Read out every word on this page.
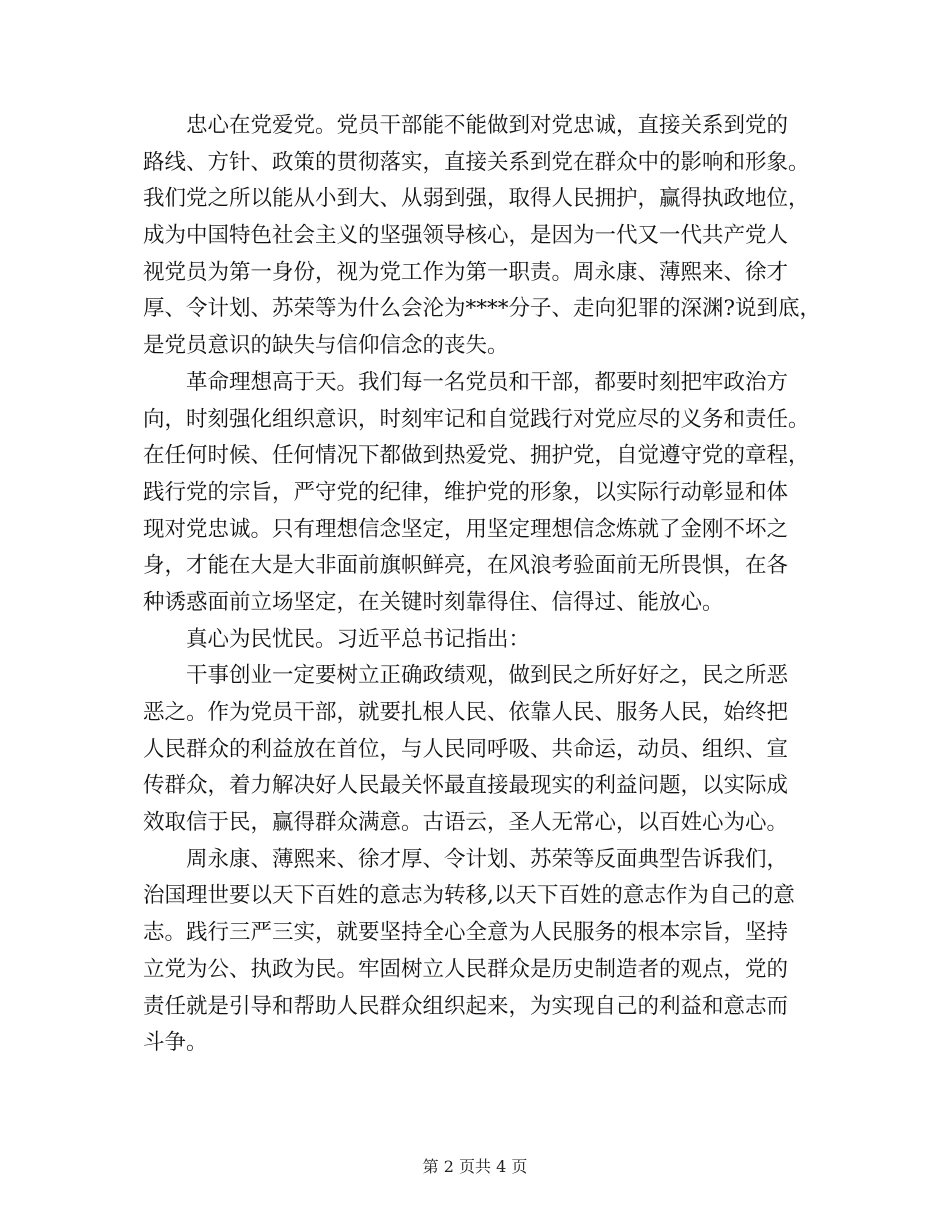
忠心在党爱党。党员干部能不能做到对党忠诚，直接关系到党的
路线、方针、政策的贯彻落实，直接关系到党在群众中的影响和形象。
我们党之所以能从小到大、从弱到强，取得人民拥护，赢得执政地位，
成为中国特色社会主义的坚强领导核心，是因为一代又一代共产党人
视党员为第一身份，视为党工作为第一职责。周永康、薄熙来、徐才
厚、令计划、苏荣等为什么会沦为****分子、走向犯罪的深渊?说到底，
是党员意识的缺失与信仰信念的丧失。
革命理想高于天。我们每一名党员和干部，都要时刻把牢政治方
向，时刻强化组织意识，时刻牢记和自觉践行对党应尽的义务和责任。
在任何时候、任何情况下都做到热爱党、拥护党，自觉遵守党的章程，
践行党的宗旨，严守党的纪律，维护党的形象，以实际行动彰显和体
现对党忠诚。只有理想信念坚定，用坚定理想信念炼就了金刚不坏之
身，才能在大是大非面前旗帜鲜亮，在风浪考验面前无所畏惧，在各
种诱惑面前立场坚定，在关键时刻靠得住、信得过、能放心。
真心为民忧民。习近平总书记指出：
干事创业一定要树立正确政绩观，做到民之所好好之，民之所恶
恶之。作为党员干部，就要扎根人民、依靠人民、服务人民，始终把
人民群众的利益放在首位，与人民同呼吸、共命运，动员、组织、宣
传群众，着力解决好人民最关怀最直接最现实的利益问题，以实际成
效取信于民，赢得群众满意。古语云，圣人无常心，以百姓心为心。
周永康、薄熙来、徐才厚、令计划、苏荣等反面典型告诉我们，
治国理世要以天下百姓的意志为转移,以天下百姓的意志作为自己的意
志。践行三严三实，就要坚持全心全意为人民服务的根本宗旨，坚持
立党为公、执政为民。牢固树立人民群众是历史制造者的观点，党的
责任就是引导和帮助人民群众组织起来，为实现自己的利益和意志而
斗争。
第 2 页共 4 页
